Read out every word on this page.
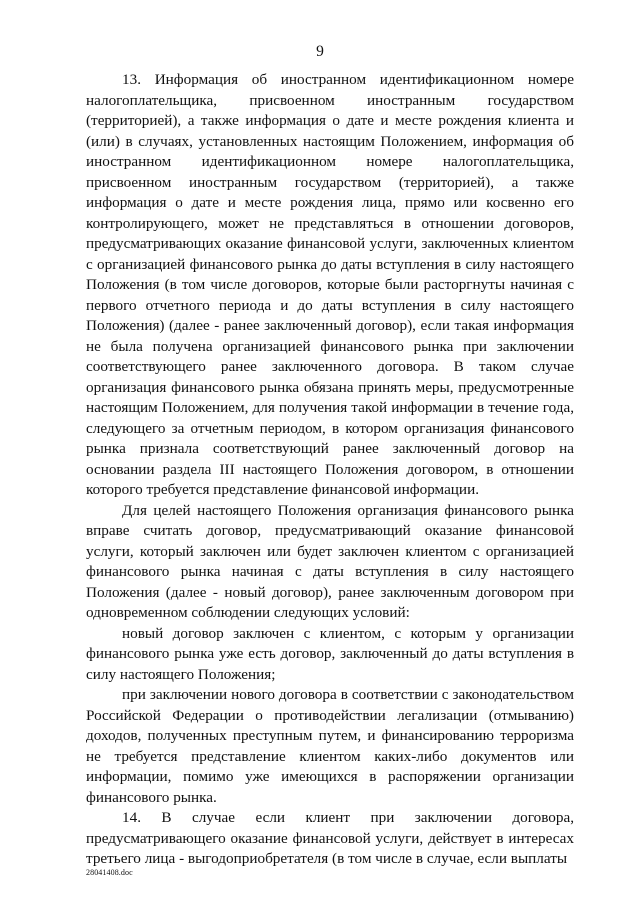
9

13. Информация об иностранном идентификационном номере налогоплательщика, присвоенном иностранным государством (территорией), а также информация о дате и месте рождения клиента и (или) в случаях, установленных настоящим Положением, информация об иностранном идентификационном номере налогоплательщика, присвоенном иностранным государством (территорией), а также информация о дате и месте рождения лица, прямо или косвенно его контролирующего, может не представляться в отношении договоров, предусматривающих оказание финансовой услуги, заключенных клиентом с организацией финансового рынка до даты вступления в силу настоящего Положения (в том числе договоров, которые были расторгнуты начиная с первого отчетного периода и до даты вступления в силу настоящего Положения) (далее - ранее заключенный договор), если такая информация не была получена организацией финансового рынка при заключении соответствующего ранее заключенного договора. В таком случае организация финансового рынка обязана принять меры, предусмотренные настоящим Положением, для получения такой информации в течение года, следующего за отчетным периодом, в котором организация финансового рынка признала соответствующий ранее заключенный договор на основании раздела III настоящего Положения договором, в отношении которого требуется представление финансовой информации.

Для целей настоящего Положения организация финансового рынка вправе считать договор, предусматривающий оказание финансовой услуги, который заключен или будет заключен клиентом с организацией финансового рынка начиная с даты вступления в силу настоящего Положения (далее - новый договор), ранее заключенным договором при одновременном соблюдении следующих условий:

новый договор заключен с клиентом, с которым у организации финансового рынка уже есть договор, заключенный до даты вступления в силу настоящего Положения;

при заключении нового договора в соответствии с законодательством Российской Федерации о противодействии легализации (отмыванию) доходов, полученных преступным путем, и финансированию терроризма не требуется представление клиентом каких-либо документов или информации, помимо уже имеющихся в распоряжении организации финансового рынка.

14. В случае если клиент при заключении договора, предусматривающего оказание финансовой услуги, действует в интересах третьего лица - выгодоприобретателя (в том числе в случае, если выплаты

28041408.doc
